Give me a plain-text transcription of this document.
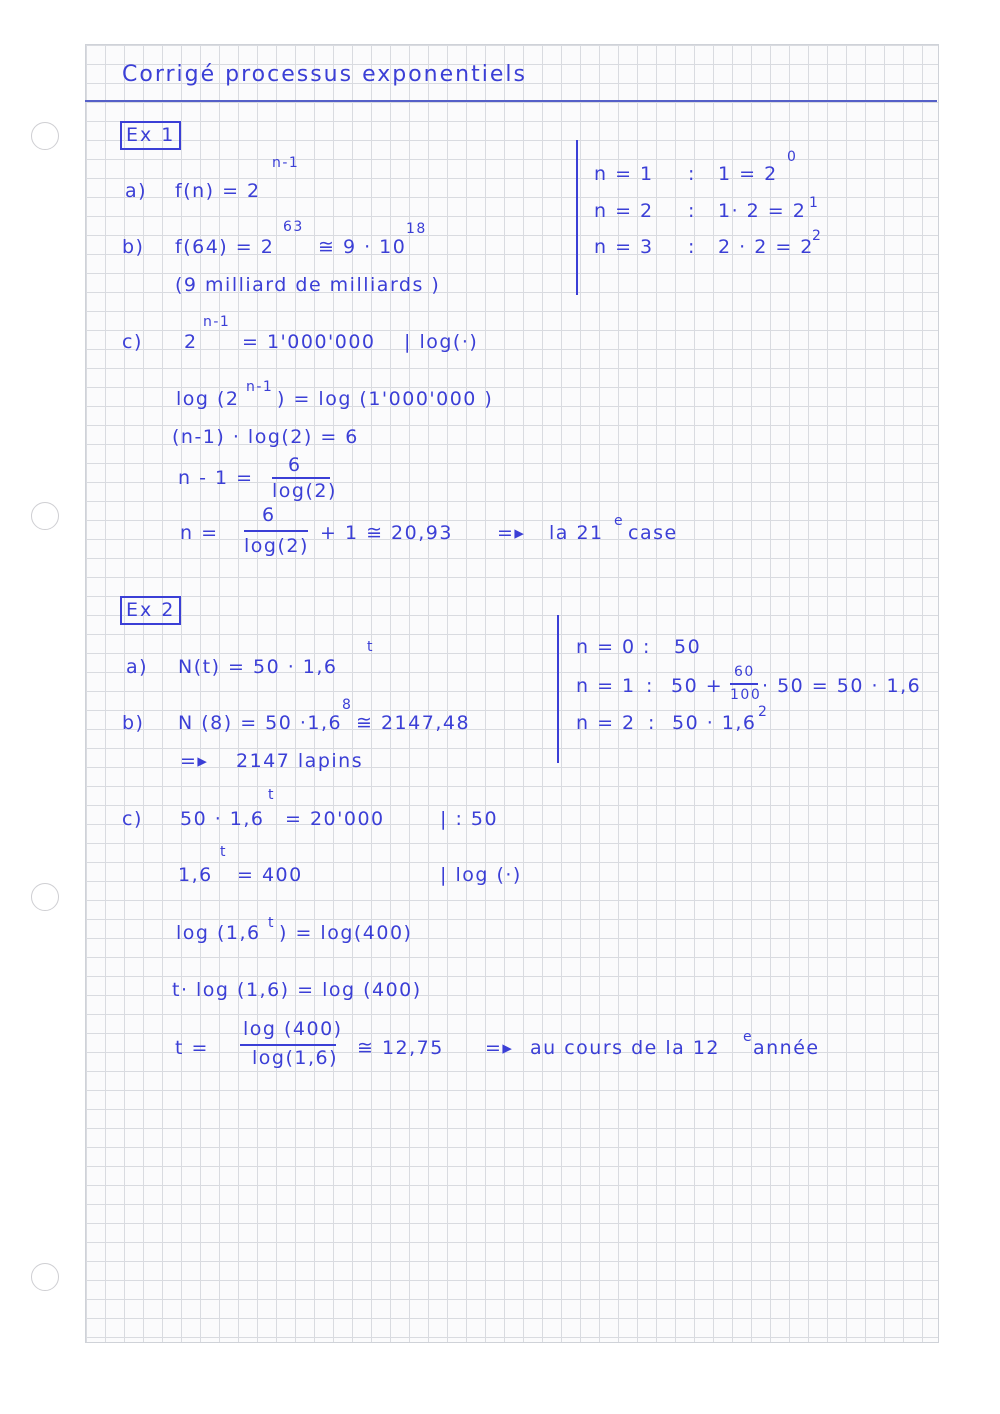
Corrigé processus exponentiels
Ex 1
a) f(n) = 2
n-1
b) f(64) = 2
63
≅ 9 · 10
18
(9 milliard de milliards )
n = 1 : 1 = 2
0
n = 2 : 1· 2 = 2 1
n = 3 : 2 · 2 = 2
2
c) 2
n-1
= 1'000'000 | log(·)
log (2
n-1
) = log (1'000'000 )
(n-1) · log(2) = 6
n - 1 =
6
log(2)
n =
6
log(2)
+ 1 ≅ 20,93 =▸ la 21
e
case
Ex 2
a) N(t) = 50 · 1,6
t
b) N (8) = 50 ·1,6
8
≅ 2147,48
=▸ 2147 lapins
n = 0 : 50
n = 1 : 50 +
60
100 · 50 = 50 · 1,6
n = 2 : 50 · 1,6 2
c) 50 · 1,6
t
= 20'000	| : 50
1,6
t
= 400	| log (·)
log (1,6 t ) = log(400)
t· log (1,6) = log (400)
t =
log (400)
log(1,6) ≅ 12,75 =▸ au cours de la 12 e année
